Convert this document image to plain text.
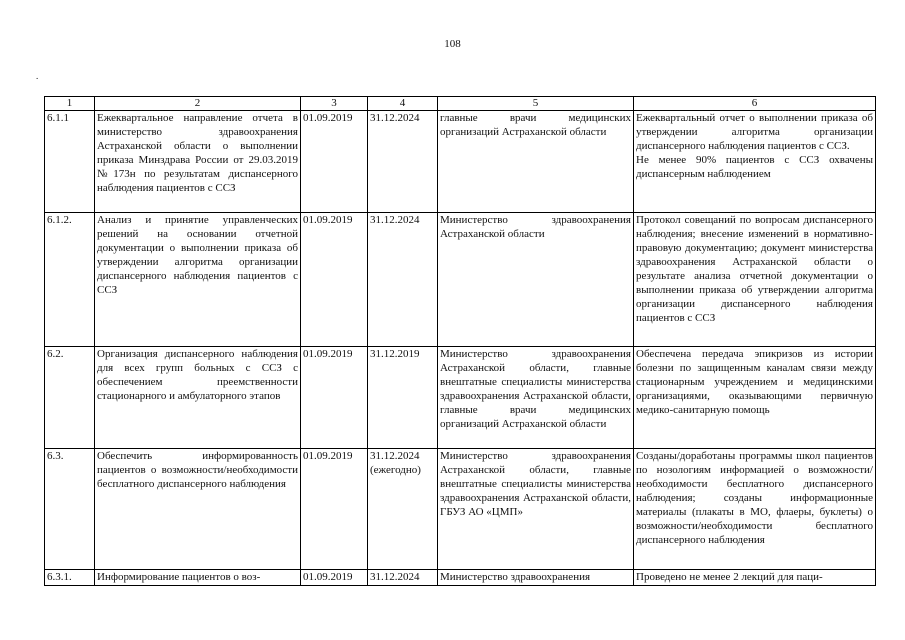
108
.
1	2	3	4	5	6
6.1.1	Ежеквартальное направление отчета в министерство здравоохранения Астраханской области о выполнении приказа Минздрава России от 29.03.2019 №173н по результатам диспансерного наблюдения пациентов с ССЗ	01.09.2019	31.12.2024	главные врачи медицинских организаций Астраханской области	Ежеквартальный отчет о выполнении приказа об утверждении алгоритма организации диспансерного наблюдения пациентов с ССЗ.
Не менее 90% пациентов с ССЗ охвачены диспансерным наблюдением

6.1.2.	Анализ и принятие управленческих решений на основании отчетной документации о выполнении приказа об утверждении алгоритма организации диспансерного наблюдения пациентов с ССЗ	01.09.2019	31.12.2024	Министерство здравоохранения Астраханской области	Протокол совещаний по вопросам диспансерного наблюдения; внесение изменений в нормативно-правовую документацию; документ министерства здравоохранения Астраханской области о результате анализа отчетной документации о выполнении приказа об утверждении алгоритма организации диспансерного наблюдения пациентов с ССЗ

6.2.	Организация диспансерного наблюдения для всех групп больных с ССЗ с обеспечением преемственности стационарного и амбулаторного этапов	01.09.2019	31.12.2019	Министерство здравоохранения Астраханской области, главные внештатные специалисты министерства здравоохранения Астраханской области, главные врачи медицинских организаций Астраханской области	Обеспечена передача эпикризов из истории болезни по защищенным каналам связи между стационарным учреждением и медицинскими организациями, оказывающими первичную медико-санитарную помощь

6.3.	Обеспечить информированность пациентов о возможности/необходимости бесплатного диспансерного наблюдения	01.09.2019	31.12.2024
(ежегодно)	Министерство здравоохранения Астраханской области, главные внештатные специалисты министерства здравоохранения Астраханской области, ГБУЗ АО «ЦМП»	Созданы/доработаны программы школ пациентов по нозологиям информацией о возможности/необходимости бесплатного диспансерного наблюдения; созданы информационные материалы (плакаты в МО, флаеры, буклеты) о возможности/необходимости бесплатного диспансерного наблюдения

6.3.1.	Информирование пациентов о воз-	01.09.2019	31.12.2024	Министерство здравоохранения	Проведено не менее 2 лекций для паци-
